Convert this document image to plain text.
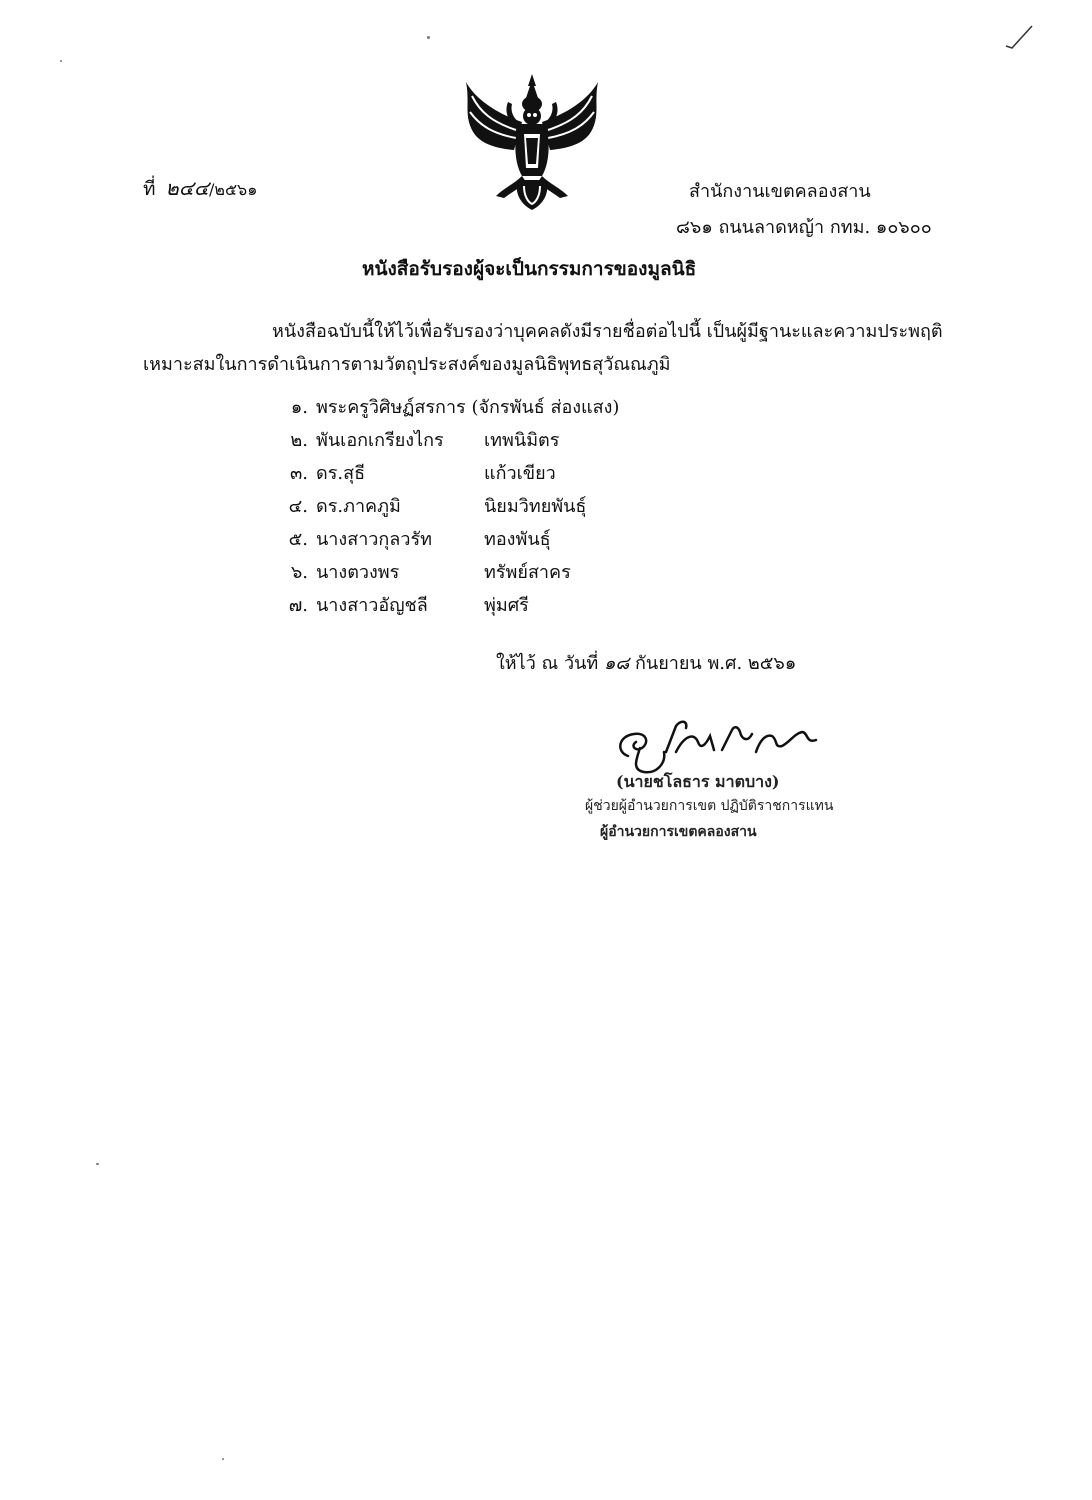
ที่ ๒๔๔/๒๕๖๑	สำนักงานเขตคลองสาน
๘๖๑ ถนนลาดหญ้า กทม. ๑๐๖๐๐
หนังสือรับรองผู้จะเป็นกรรมการของมูลนิธิ
หนังสือฉบับนี้ให้ไว้เพื่อรับรองว่าบุคคลดังมีรายชื่อต่อไปนี้ เป็นผู้มีฐานะและความประพฤติ
เหมาะสมในการดำเนินการตามวัตถุประสงค์ของมูลนิธิพุทธสุวัณณภูมิ
๑. พระครูวิศิษฏ์สรการ (จักรพันธ์ ส่องแสง)
๒. พันเอกเกรียงไกร	เทพนิมิตร
๓. ดร.สุธี	แก้วเขียว
๔. ดร.ภาคภูมิ	นิยมวิทยพันธุ์
๕. นางสาวกุลวรัท	ทองพันธุ์
๖. นางตวงพร	ทรัพย์สาคร
๗. นางสาวอัญชลี	พุ่มศรี
ให้ไว้ ณ วันที่ ๑๘ กันยายน พ.ศ. ๒๕๖๑
(นายชโลธาร มาตบาง)
ผู้ช่วยผู้อำนวยการเขต ปฏิบัติราชการแทน
ผู้อำนวยการเขตคลองสาน
